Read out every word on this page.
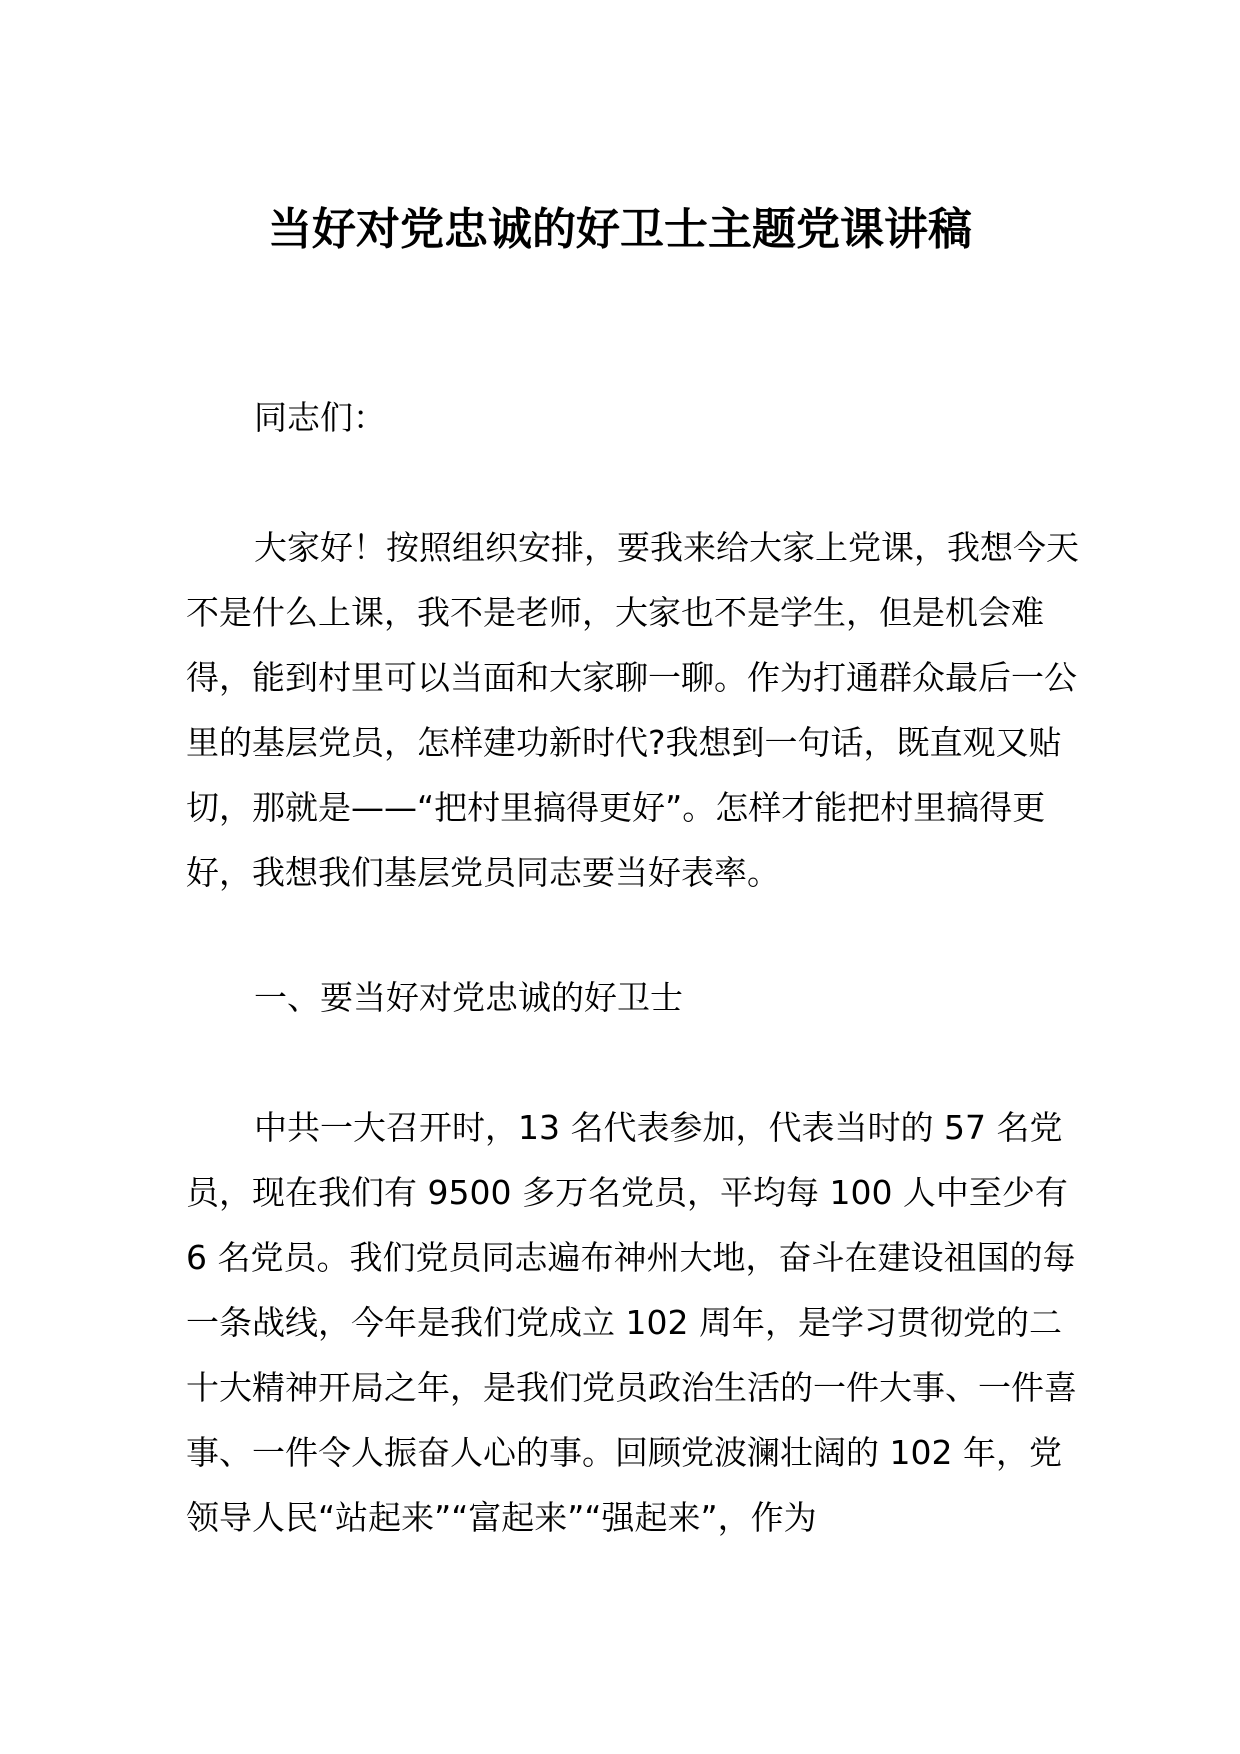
当好对党忠诚的好卫士主题党课讲稿
同志们：
大家好！按照组织安排，要我来给大家上党课，我想今天不是什么上课，我不是老师，大家也不是学生，但是机会难得，能到村里可以当面和大家聊一聊。作为打通群众最后一公里的基层党员，怎样建功新时代?我想到一句话，既直观又贴切，那就是——“把村里搞得更好”。怎样才能把村里搞得更好，我想我们基层党员同志要当好表率。
一、要当好对党忠诚的好卫士
中共一大召开时，13 名代表参加，代表当时的 57 名党员，现在我们有 9500 多万名党员，平均每 100 人中至少有 6 名党员。我们党员同志遍布神州大地，奋斗在建设祖国的每一条战线，今年是我们党成立 102 周年，是学习贯彻党的二十大精神开局之年，是我们党员政治生活的一件大事、一件喜事、一件令人振奋人心的事。回顾党波澜壮阔的 102 年，党领导人民“站起来”“富起来”“强起来”，作为
